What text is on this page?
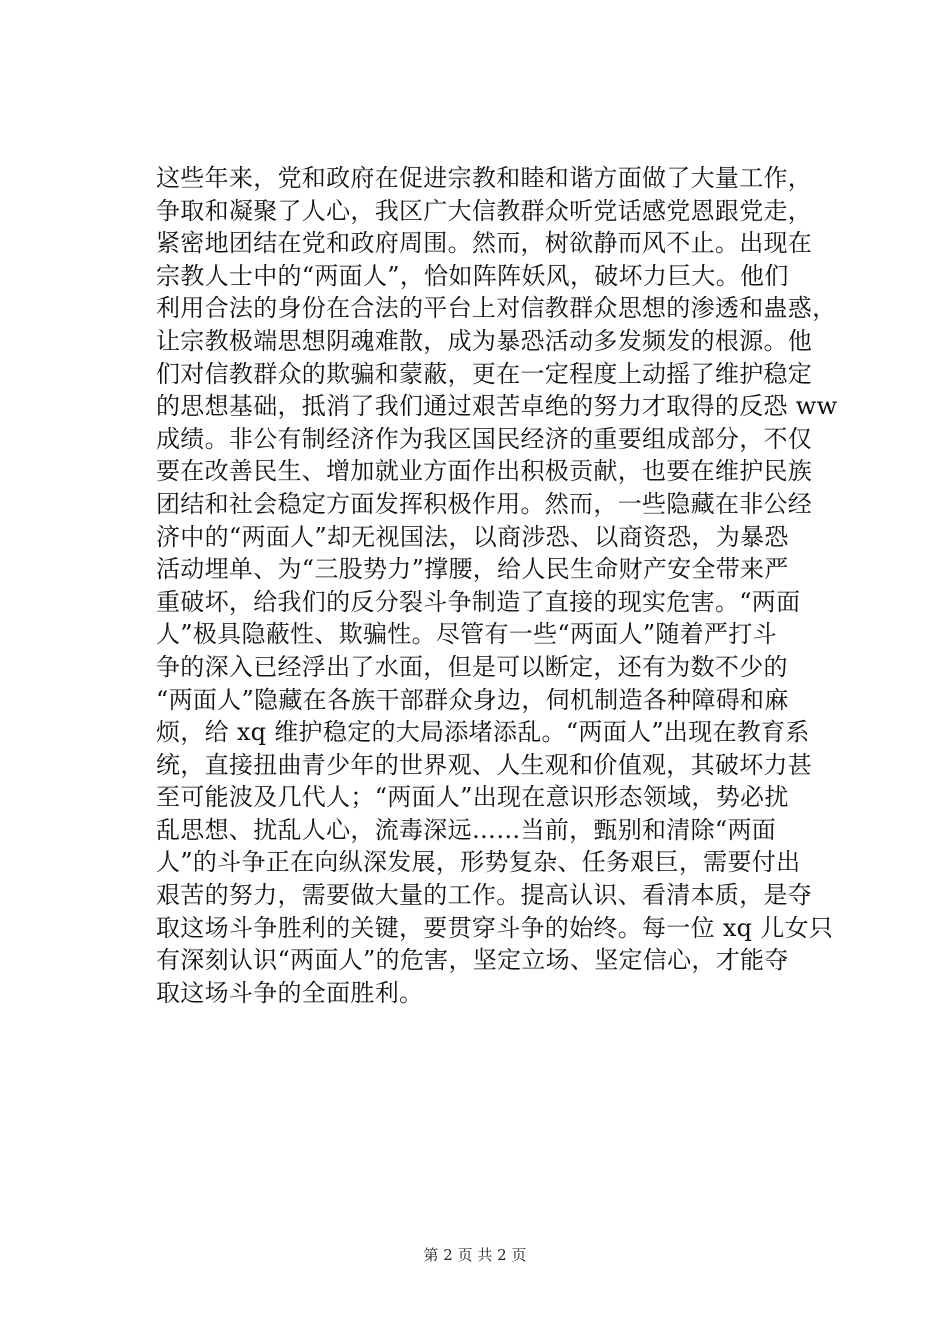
这些年来，党和政府在促进宗教和睦和谐方面做了大量工作，
争取和凝聚了人心，我区广大信教群众听党话感党恩跟党走，
紧密地团结在党和政府周围。然而，树欲静而风不止。出现在
宗教人士中的“两面人”，恰如阵阵妖风，破坏力巨大。他们
利用合法的身份在合法的平台上对信教群众思想的渗透和蛊惑，
让宗教极端思想阴魂难散，成为暴恐活动多发频发的根源。他
们对信教群众的欺骗和蒙蔽，更在一定程度上动摇了维护稳定
的思想基础，抵消了我们通过艰苦卓绝的努力才取得的反恐 ww
成绩。非公有制经济作为我区国民经济的重要组成部分，不仅
要在改善民生、增加就业方面作出积极贡献，也要在维护民族
团结和社会稳定方面发挥积极作用。然而，一些隐藏在非公经
济中的“两面人”却无视国法，以商涉恐、以商资恐，为暴恐
活动埋单、为“三股势力”撑腰，给人民生命财产安全带来严
重破坏，给我们的反分裂斗争制造了直接的现实危害。“两面
人”极具隐蔽性、欺骗性。尽管有一些“两面人”随着严打斗
争的深入已经浮出了水面，但是可以断定，还有为数不少的
“两面人”隐藏在各族干部群众身边，伺机制造各种障碍和麻
烦，给 xq 维护稳定的大局添堵添乱。“两面人”出现在教育系
统，直接扭曲青少年的世界观、人生观和价值观，其破坏力甚
至可能波及几代人；“两面人”出现在意识形态领域，势必扰
乱思想、扰乱人心，流毒深远……当前，甄别和清除“两面
人”的斗争正在向纵深发展，形势复杂、任务艰巨，需要付出
艰苦的努力，需要做大量的工作。提高认识、看清本质，是夺
取这场斗争胜利的关键，要贯穿斗争的始终。每一位 xq 儿女只
有深刻认识“两面人”的危害，坚定立场、坚定信心，才能夺
取这场斗争的全面胜利。
第 2 页 共 2 页
